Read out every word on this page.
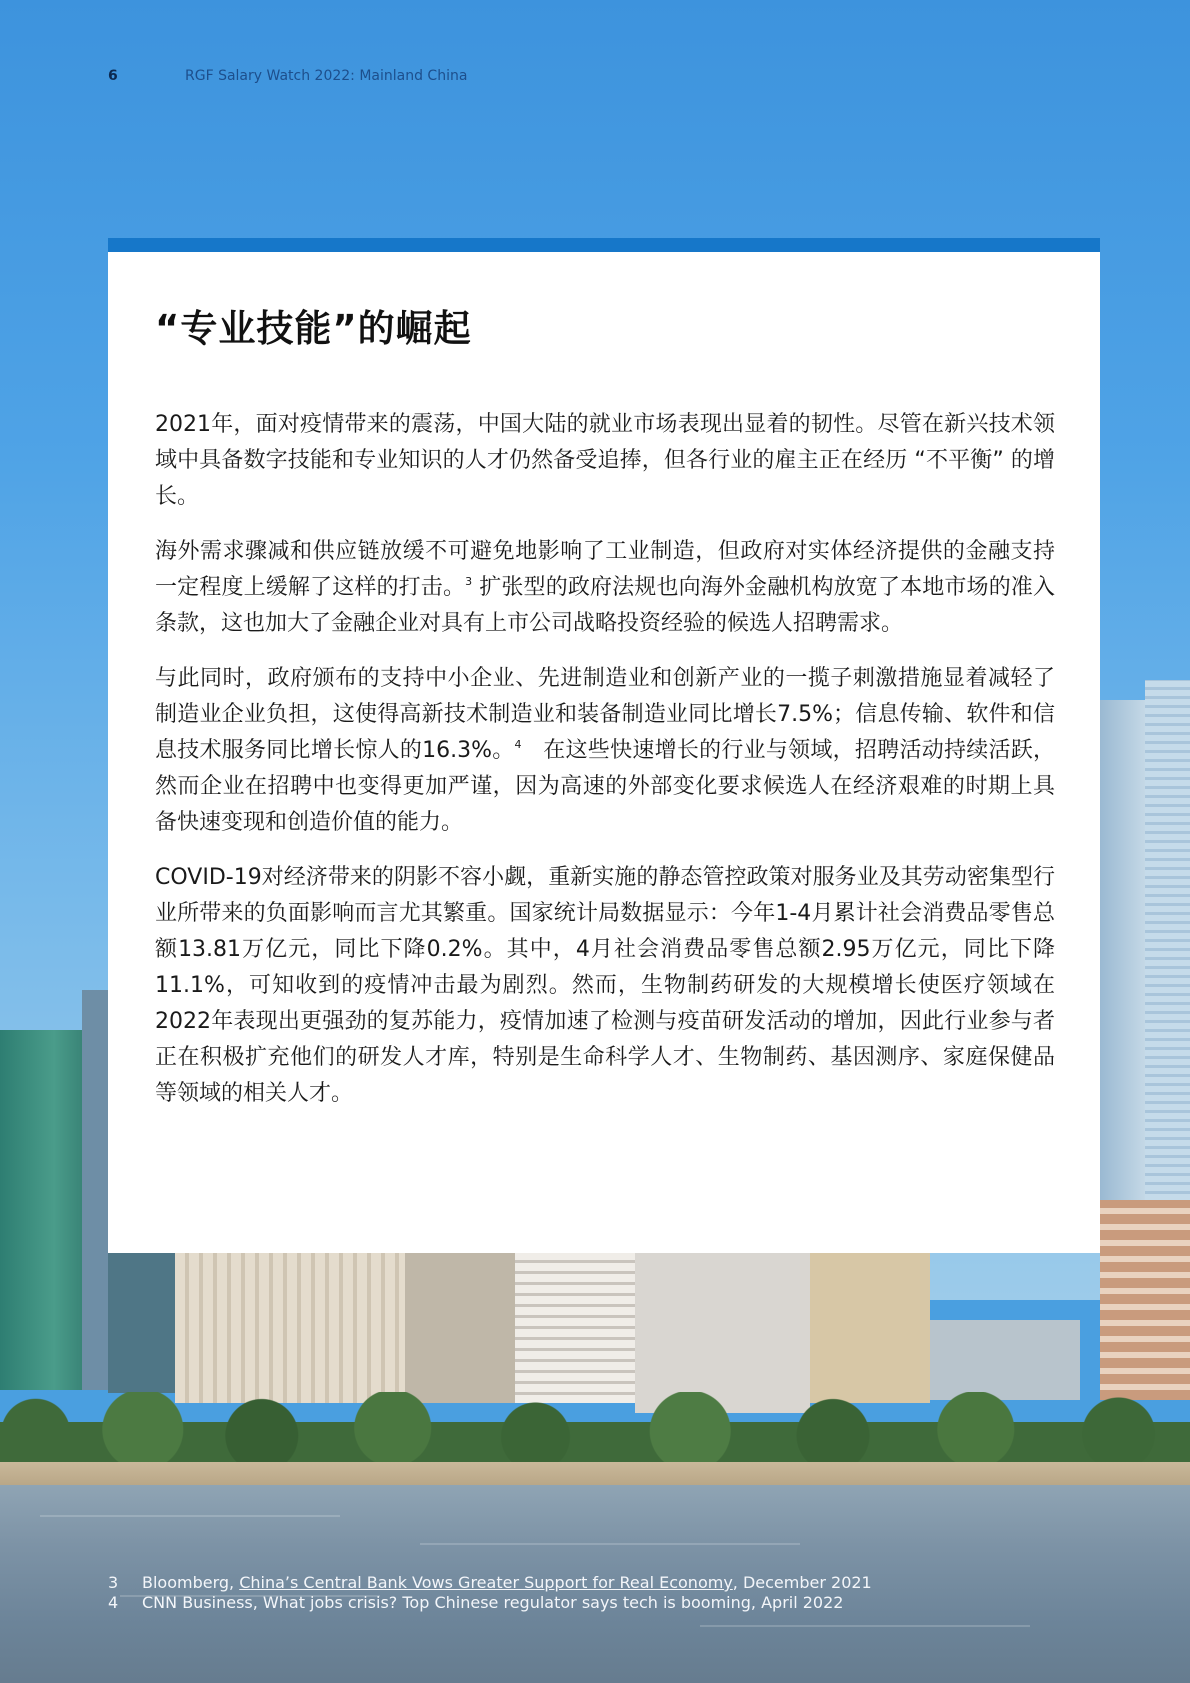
6	RGF Salary Watch 2022: Mainland China
“专业技能”的崛起

2021年，面对疫情带来的震荡，中国大陆的就业市场表现出显着的韧性。尽管在新兴技术领域中具备数字技能和专业知识的人才仍然备受追捧，但各行业的雇主正在经历 “不平衡” 的增长。

海外需求骤减和供应链放缓不可避免地影响了工业制造，但政府对实体经济提供的金融支持一定程度上缓解了这样的打击。$^3$ 扩张型的政府法规也向海外金融机构放宽了本地市场的准入条款，这也加大了金融企业对具有上市公司战略投资经验的候选人招聘需求。

与此同时，政府颁布的支持中小企业、先进制造业和创新产业的一揽子刺激措施显着减轻了制造业企业负担，这使得高新技术制造业和装备制造业同比增长7.5%；信息传输、软件和信息技术服务同比增长惊人的16.3%。$^4$   在这些快速增长的行业与领域，招聘活动持续活跃，然而企业在招聘中也变得更加严谨，因为高速的外部变化要求候选人在经济艰难的时期上具备快速变现和创造价值的能力。

COVID-19对经济带来的阴影不容小觑，重新实施的静态管控政策对服务业及其劳动密集型行业所带来的负面影响而言尤其繁重。国家统计局数据显示：今年1-4月累计社会消费品零售总额13.81万亿元，同比下降0.2%。其中，4月社会消费品零售总额2.95万亿元，同比下降11.1%，可知收到的疫情冲击最为剧烈。然而，生物制药研发的大规模增长使医疗领域在 2022年表现出更强劲的复苏能力，疫情加速了检测与疫苗研发活动的增加，因此行业参与者正在积极扩充他们的研发人才库，特别是生命科学人才、生物制药、基因测序、家庭保健品等领域的相关人才。

3 Bloomberg, China’s Central Bank Vows Greater Support for Real Economy, December 2021
4 CNN Business, What jobs crisis? Top Chinese regulator says tech is booming, April 2022
